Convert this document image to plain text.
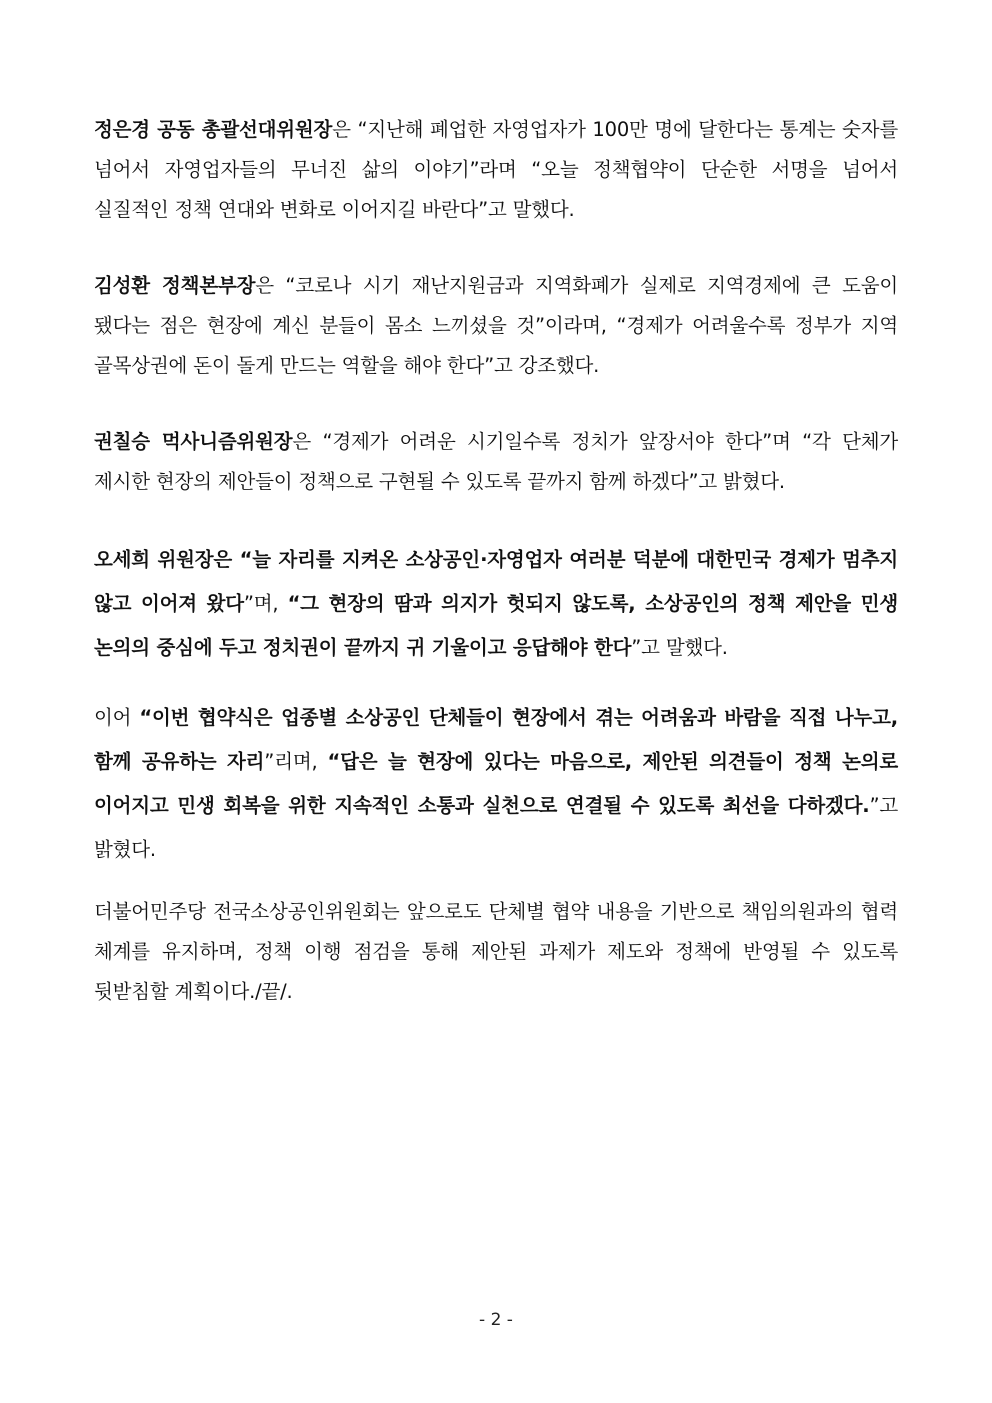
정은경 공동 총괄선대위원장은 “지난해 폐업한 자영업자가 100만 명에 달한다는 통계는 숫자를 넘어서 자영업자들의 무너진 삶의 이야기”라며 “오늘 정책협약이 단순한 서명을 넘어서 실질적인 정책 연대와 변화로 이어지길 바란다”고 말했다.

김성환 정책본부장은 “코로나 시기 재난지원금과 지역화폐가 실제로 지역경제에 큰 도움이 됐다는 점은 현장에 계신 분들이 몸소 느끼셨을 것”이라며, “경제가 어려울수록 정부가 지역 골목상권에 돈이 돌게 만드는 역할을 해야 한다”고 강조했다.

권칠승 먹사니즘위원장은 “경제가 어려운 시기일수록 정치가 앞장서야 한다”며 “각 단체가 제시한 현장의 제안들이 정책으로 구현될 수 있도록 끝까지 함께 하겠다”고 밝혔다.

오세희 위원장은 “늘 자리를 지켜온 소상공인·자영업자 여러분 덕분에 대한민국 경제가 멈추지 않고 이어져 왔다”며, “그 현장의 땀과 의지가 헛되지 않도록, 소상공인의 정책 제안을 민생 논의의 중심에 두고 정치권이 끝까지 귀 기울이고 응답해야 한다”고 말했다.

이어 “이번 협약식은 업종별 소상공인 단체들이 현장에서 겪는 어려움과 바람을 직접 나누고, 함께 공유하는 자리”리며, “답은 늘 현장에 있다는 마음으로, 제안된 의견들이 정책 논의로 이어지고 민생 회복을 위한 지속적인 소통과 실천으로 연결될 수 있도록 최선을 다하겠다.”고 밝혔다.

더불어민주당 전국소상공인위원회는 앞으로도 단체별 협약 내용을 기반으로 책임의원과의 협력 체계를 유지하며, 정책 이행 점검을 통해 제안된 과제가 제도와 정책에 반영될 수 있도록 뒷받침할 계획이다./끝/.

- 2 -
